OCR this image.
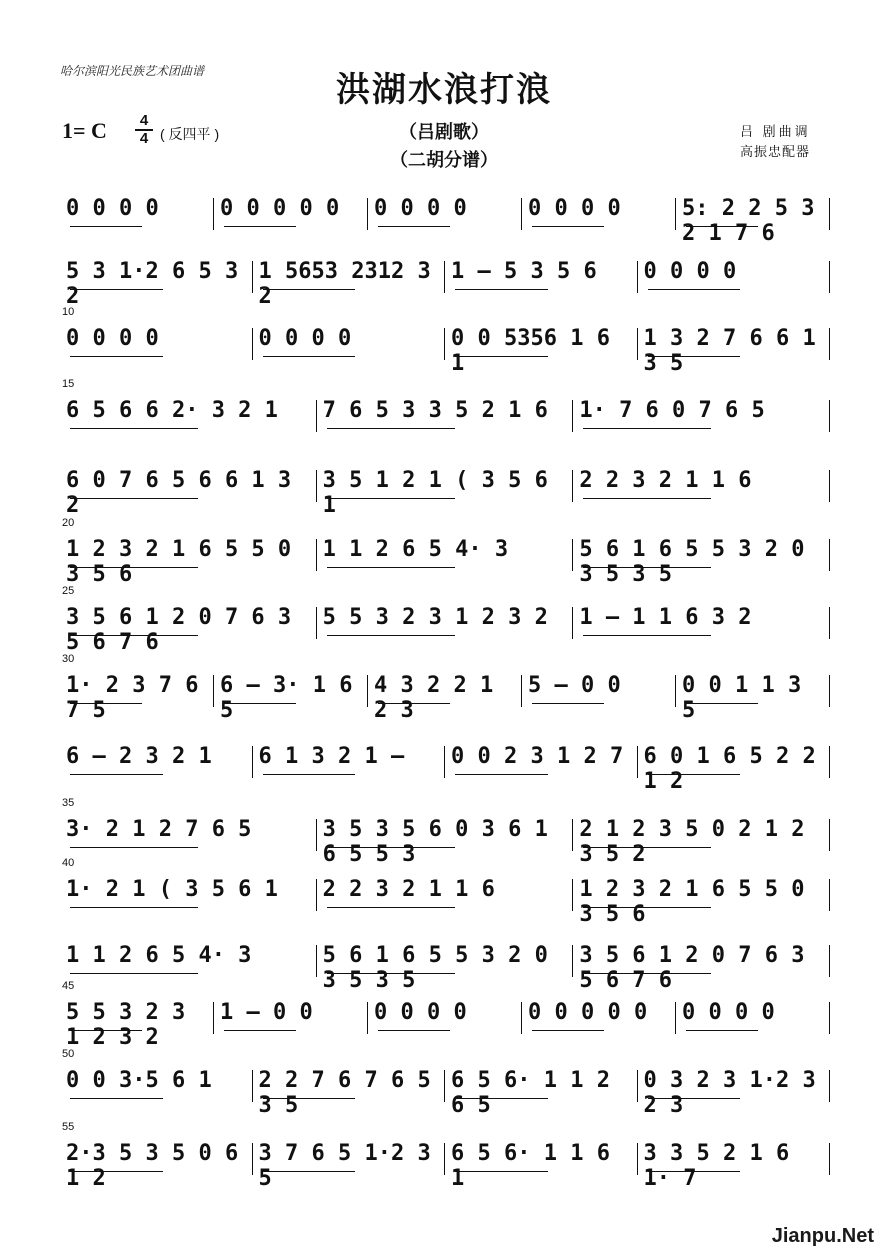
哈尔滨阳光民族艺术团曲谱	洪湖水浪打浪
1= C	4
4 ( 反四平 )	（吕剧歌）
（二胡分谱）
吕 剧曲调
高振忠配器
0 0 0 0	0 0 0 0 0	0 0 0 0	0 0 0 0	5: 2 2 5 3 2 1 7 6
5 3 1·2 6 5 3 2
1 5653 2312 3 2
1 – 5 3 5 6	0 0 0 0
10
0 0 0 0	0 0 0 0	0 0 5356 1 6 1
1 3 2 7 6 6 1 3 5
15
6 5 6 6 2· 3 2 1	7 6 5 3 3 5 2 1 6	1· 7 6 0 7 6 5
6 0 7 6 5 6 6 1 3 2
3 5 1 2 1 ( 3 5 6 1
2 2 3 2 1 1 6
20
1 2 3 2 1 6 5 5 0 3 5 6
1 1 2 6 5 4· 3	5 6 1 6 5 5 3 2 0 3 5 3 5
25
3 5 6 1 2 0 7 6 3 5 6 7 6
5 5 3 2 3 1 2 3 2	1 – 1 1 6 3 2
30
1· 2 3 7 6 7 5
6 – 3· 1 6 5
4 3 2 2 1 2 3
5 – 0 0	0 0 1 1 3 5
6 – 2 3 2 1	6 1 3 2 1 –	0 0 2 3 1 2 7 6 0 1 6 5 2 2 1 2
35
3· 2 1 2 7 6 5	3 5 3 5 6 0 3 6 1 6 5 5 3
2 1 2 3 5 0 2 1 2 3 5 2
40
1· 2 1 ( 3 5 6 1	2 2 3 2 1 1 6	1 2 3 2 1 6 5 5 0 3 5 6
1 1 2 6 5 4· 3	5 6 1 6 5 5 3 2 0 3 5 3 5
3 5 6 1 2 0 7 6 3 5 6 7 6
45
5 5 3 2 3 1 2 3 2
1 – 0 0	0 0 0 0	0 0 0 0 0	0 0 0 0
50
0 0 3·5 6 1	2 2 7 6 7 6 5 3 5
6 5 6· 1 1 2 6 5
0 3 2 3 1·2 3 2 3
55
2·3 5 3 5 0 6 1 2
3 7 6 5 1·2 3 5
6 5 6· 1 1 6 1
3 3 5 2 1 6 1· 7
Jianpu.Net
